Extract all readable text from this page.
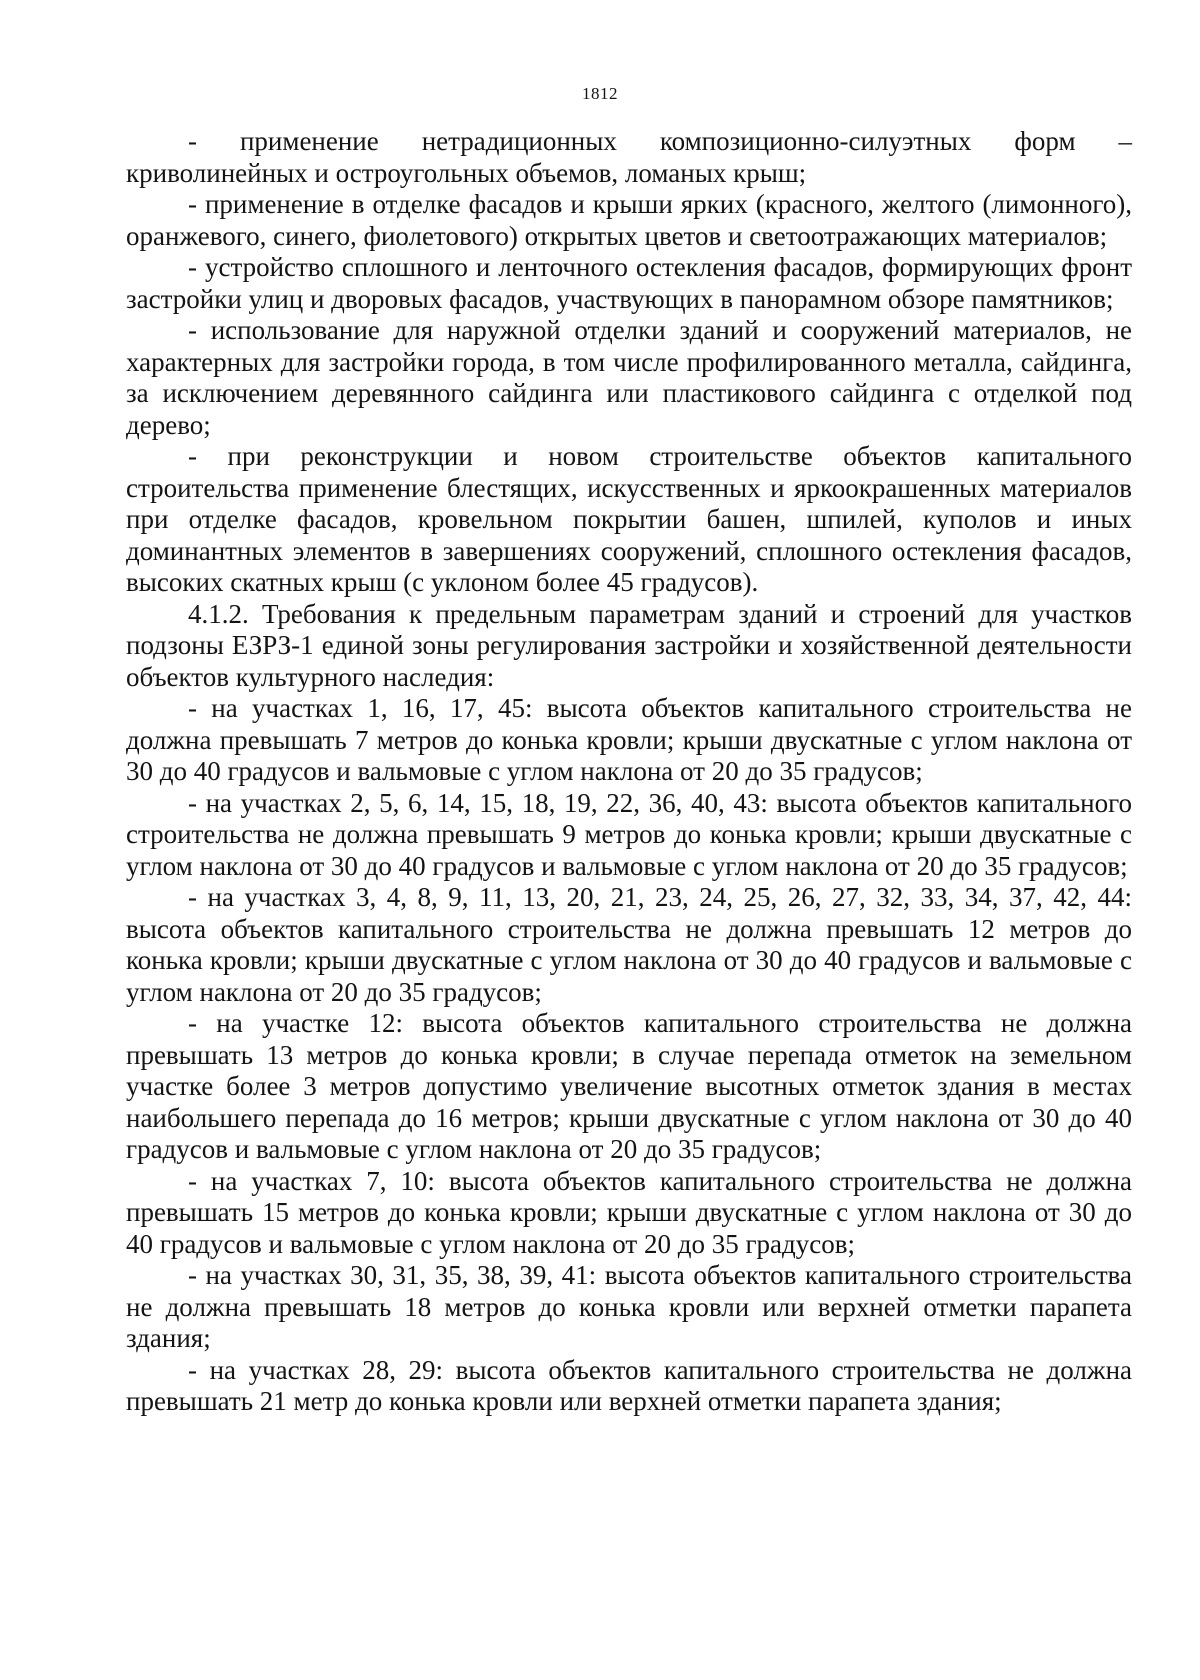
1812

- применение нетрадиционных композиционно-силуэтных форм – криволинейных и остроугольных объемов, ломаных крыш;

- применение в отделке фасадов и крыши ярких (красного, желтого (лимонного), оранжевого, синего, фиолетового) открытых цветов и светоотражающих материалов;

- устройство сплошного и ленточного остекления фасадов, формирующих фронт застройки улиц и дворовых фасадов, участвующих в панорамном обзоре памятников;

- использование для наружной отделки зданий и сооружений материалов, не характерных для застройки города, в том числе профилированного металла, сайдинга, за исключением деревянного сайдинга или пластикового сайдинга с отделкой под дерево;

- при реконструкции и новом строительстве объектов капитального строительства применение блестящих, искусственных и яркоокрашенных материалов при отделке фасадов, кровельном покрытии башен, шпилей, куполов и иных доминантных элементов в завершениях сооружений, сплошного остекления фасадов, высоких скатных крыш (с уклоном более 45 градусов).

4.1.2. Требования к предельным параметрам зданий и строений для участков подзоны ЕЗРЗ-1 единой зоны регулирования застройки и хозяйственной деятельности объектов культурного наследия:

- на участках 1, 16, 17, 45: высота объектов капитального строительства не должна превышать 7 метров до конька кровли; крыши двускатные с углом наклона от 30 до 40 градусов и вальмовые с углом наклона от 20 до 35 градусов;

- на участках 2, 5, 6, 14, 15, 18, 19, 22, 36, 40, 43: высота объектов капитального строительства не должна превышать 9 метров до конька кровли; крыши двускатные с углом наклона от 30 до 40 градусов и вальмовые с углом наклона от 20 до 35 градусов;

- на участках 3, 4, 8, 9, 11, 13, 20, 21, 23, 24, 25, 26, 27, 32, 33, 34, 37, 42, 44: высота объектов капитального строительства не должна превышать 12 метров до конька кровли; крыши двускатные с углом наклона от 30 до 40 градусов и вальмовые с углом наклона от 20 до 35 градусов;

- на участке 12: высота объектов капитального строительства не должна превышать 13 метров до конька кровли; в случае перепада отметок на земельном участке более 3 метров допустимо увеличение высотных отметок здания в местах наибольшего перепада до 16 метров; крыши двускатные с углом наклона от 30 до 40 градусов и вальмовые с углом наклона от 20 до 35 градусов;

- на участках 7, 10: высота объектов капитального строительства не должна превышать 15 метров до конька кровли; крыши двускатные с углом наклона от 30 до 40 градусов и вальмовые с углом наклона от 20 до 35 градусов;

- на участках 30, 31, 35, 38, 39, 41: высота объектов капитального строительства не должна превышать 18 метров до конька кровли или верхней отметки парапета здания;

- на участках 28, 29: высота объектов капитального строительства не должна превышать 21 метр до конька кровли или верхней отметки парапета здания;
